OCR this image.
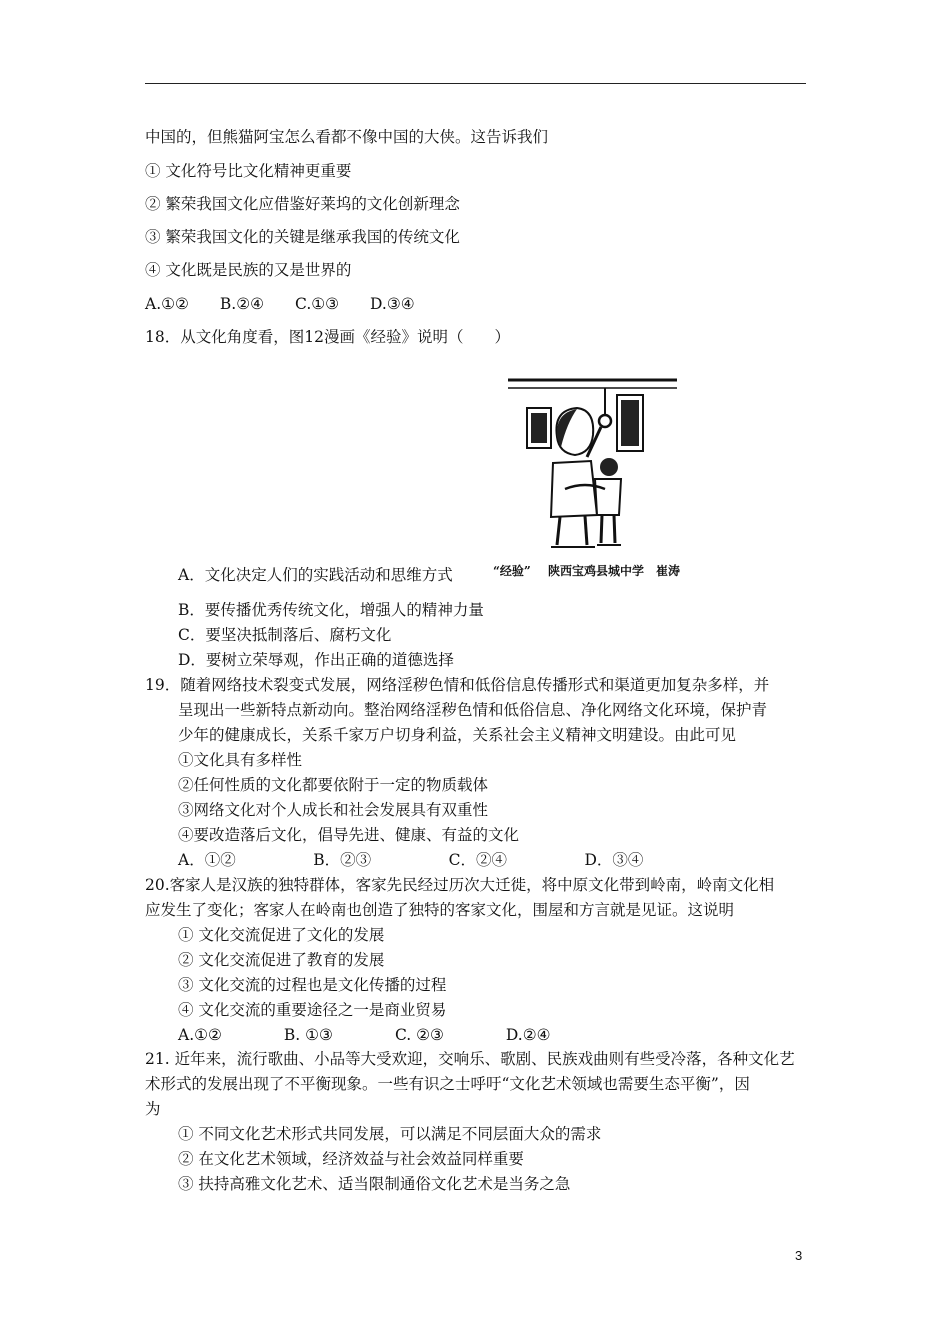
中国的，但熊猫阿宝怎么看都不像中国的大侠。这告诉我们
① 文化符号比文化精神更重要
② 繁荣我国文化应借鉴好莱坞的文化创新理念
③ 繁荣我国文化的关键是继承我国的传统文化
④ 文化既是民族的又是世界的
A.①②　　B.②④　　C.①③　　D.③④
18．从文化角度看，图12漫画《经验》说明（　　）
“经验” 陕西宝鸡县城中学　崔涛
A．文化决定人们的实践活动和思维方式
B．要传播优秀传统文化，增强人的精神力量
C．要坚决抵制落后、腐朽文化
D．要树立荣辱观，作出正确的道德选择
19．随着网络技术裂变式发展，网络淫秽色情和低俗信息传播形式和渠道更加复杂多样，并
呈现出一些新特点新动向。整治网络淫秽色情和低俗信息、净化网络文化环境，保护青
少年的健康成长，关系千家万户切身利益，关系社会主义精神文明建设。由此可见
①文化具有多样性
②任何性质的文化都要依附于一定的物质载体
③网络文化对个人成长和社会发展具有双重性
④要改造落后文化，倡导先进、健康、有益的文化
A．①②　　　　　B．②③　　　　　C．②④　　　　　D．③④
20.客家人是汉族的独特群体，客家先民经过历次大迁徙，将中原文化带到岭南，岭南文化相
应发生了变化；客家人在岭南也创造了独特的客家文化，围屋和方言就是见证。这说明
① 文化交流促进了文化的发展
② 文化交流促进了教育的发展
③ 文化交流的过程也是文化传播的过程
④ 文化交流的重要途径之一是商业贸易
A.①②　　　　B. ①③　　　　C. ②③　　　　D.②④
21. 近年来，流行歌曲、小品等大受欢迎，交响乐、歌剧、民族戏曲则有些受冷落，各种文化艺
术形式的发展出现了不平衡现象。一些有识之士呼吁“文化艺术领域也需要生态平衡”，因
为
① 不同文化艺术形式共同发展，可以满足不同层面大众的需求
② 在文化艺术领域，经济效益与社会效益同样重要
③ 扶持高雅文化艺术、适当限制通俗文化艺术是当务之急
3
